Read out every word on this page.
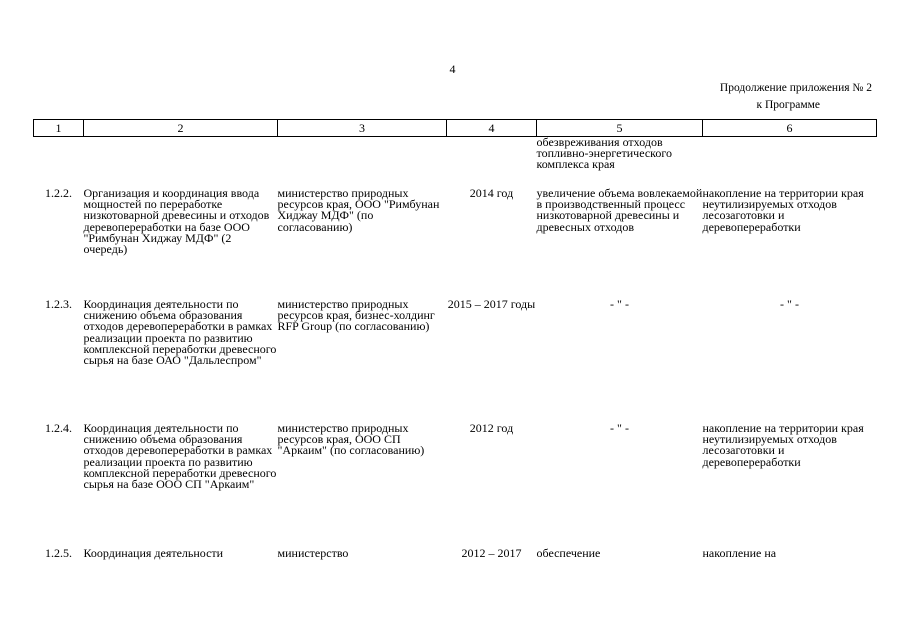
4
Продолжение приложения № 2
к Программе
1	2	3	4	5	6
				обезвреживания отходов топливно-энергетического комплекса края	
1.2.2.	Организация и координация ввода мощностей по переработке низкотоварной древесины и отходов деревопереработки на базе ООО "Римбунан Хиджау МДФ" (2 очередь)	министерство природных ресурсов края, ООО "Римбунан Хиджау МДФ" (по согласованию)	2014 год	увеличение объема вовлекаемой в производственный процесс низкотоварной древесины и древесных отходов	накопление на территории края неутилизируемых отходов лесозаготовки и деревопереработки
1.2.3.	Координация деятельности по снижению объема образования отходов деревопереработки в рамках реализации проекта по развитию комплексной переработки древесного сырья на базе ОАО "Дальлеспром"	министерство природных ресурсов края, бизнес-холдинг RFP Group (по согласованию)	2015 – 2017 годы	- " -	- " -
1.2.4.	Координация деятельности по снижению объема образования отходов деревопереработки в рамках реализации проекта по развитию комплексной переработки древесного сырья на базе ООО СП "Аркаим"	министерство природных ресурсов края, ООО СП "Аркаим" (по согласованию)	2012 год	- " -	накопление на территории края неутилизируемых отходов лесозаготовки и деревопереработки
1.2.5.	Координация деятельности	министерство	2012 – 2017	обеспечение	накопление на
